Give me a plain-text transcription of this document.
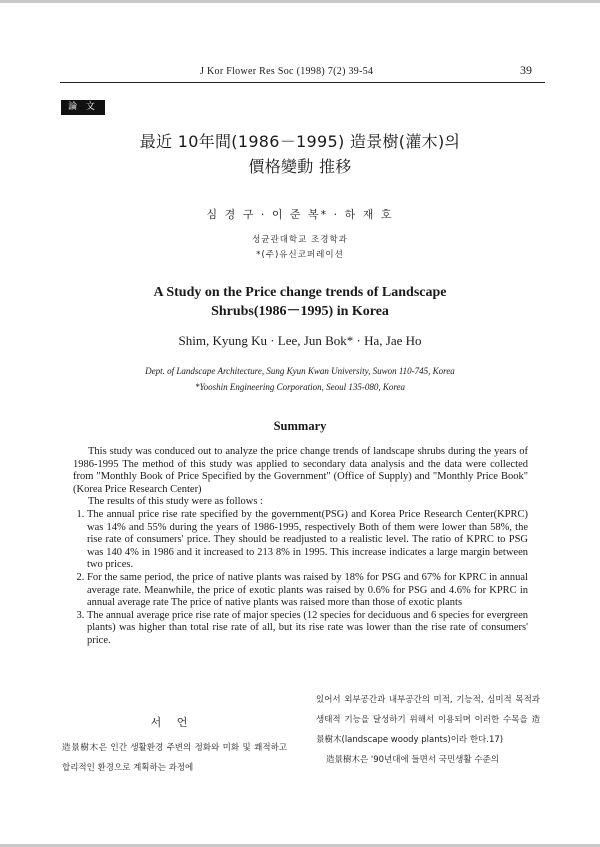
J Kor Flower Res Soc (1998) 7(2) 39-54	39
論 文
最近 10年間(1986－1995) 造景樹(灌木)의
價格變動 推移
심 경 구 · 이 준 복* · 하 재 호
성균관대학교 조경학과
*(주)유신코퍼레이션
A Study on the Price change trends of Landscape
Shrubs(1986－1995) in Korea
Shim, Kyung Ku · Lee, Jun Bok* · Ha, Jae Ho
Dept. of Landscape Architecture, Sung Kyun Kwan University, Suwon 110-745, Korea
*Yooshin Engineering Corporation, Seoul 135-080, Korea
Summary

This study was conduced out to analyze the price change trends of landscape shrubs during the years of 1986-1995 The method of this study was applied to secondary data analysis and the data were collected from "Monthly Book of Price Specified by the Government" (Office of Supply) and "Monthly Price Book" (Korea Price Research Center)

The results of this study were as follows :

1. The annual price rise rate specified by the government(PSG) and Korea Price Research Center(KPRC) was 14% and 55% during the years of 1986-1995, respectively Both of them were lower than 58%, the rise rate of consumers' price. They should be readjusted to a realistic level. The ratio of KPRC to PSG was 140 4% in 1986 and it increased to 213 8% in 1995. This increase indicates a large margin between two prices.
2. For the same period, the price of native plants was raised by 18% for PSG and 67% for KPRC in annual average rate. Meanwhile, the price of exotic plants was raised by 0.6% for PSG and 4.6% for KPRC in annual average rate The price of native plants was raised more than those of exotic plants
3. The annual average price rise rate of major species (12 species for deciduous and 6 species for evergreen plants) was higher than total rise rate of all, but its rise rate was lower than the rise rate of consumers' price.
서 언

造景樹木은 인간 생활환경 주변의 정화와 미화 및 쾌적하고 합리적인 환경으로 계획하는 과정에

있어서 외부공간과 내부공간의 미적, 기능적, 심미적 목적과 생태적 기능을 달성하기 위해서 이용되며 이러한 수목을 造景樹木(landscape woody plants)이라 한다.17)

造景樹木은 '90년대에 들면서 국민생활 수준의
